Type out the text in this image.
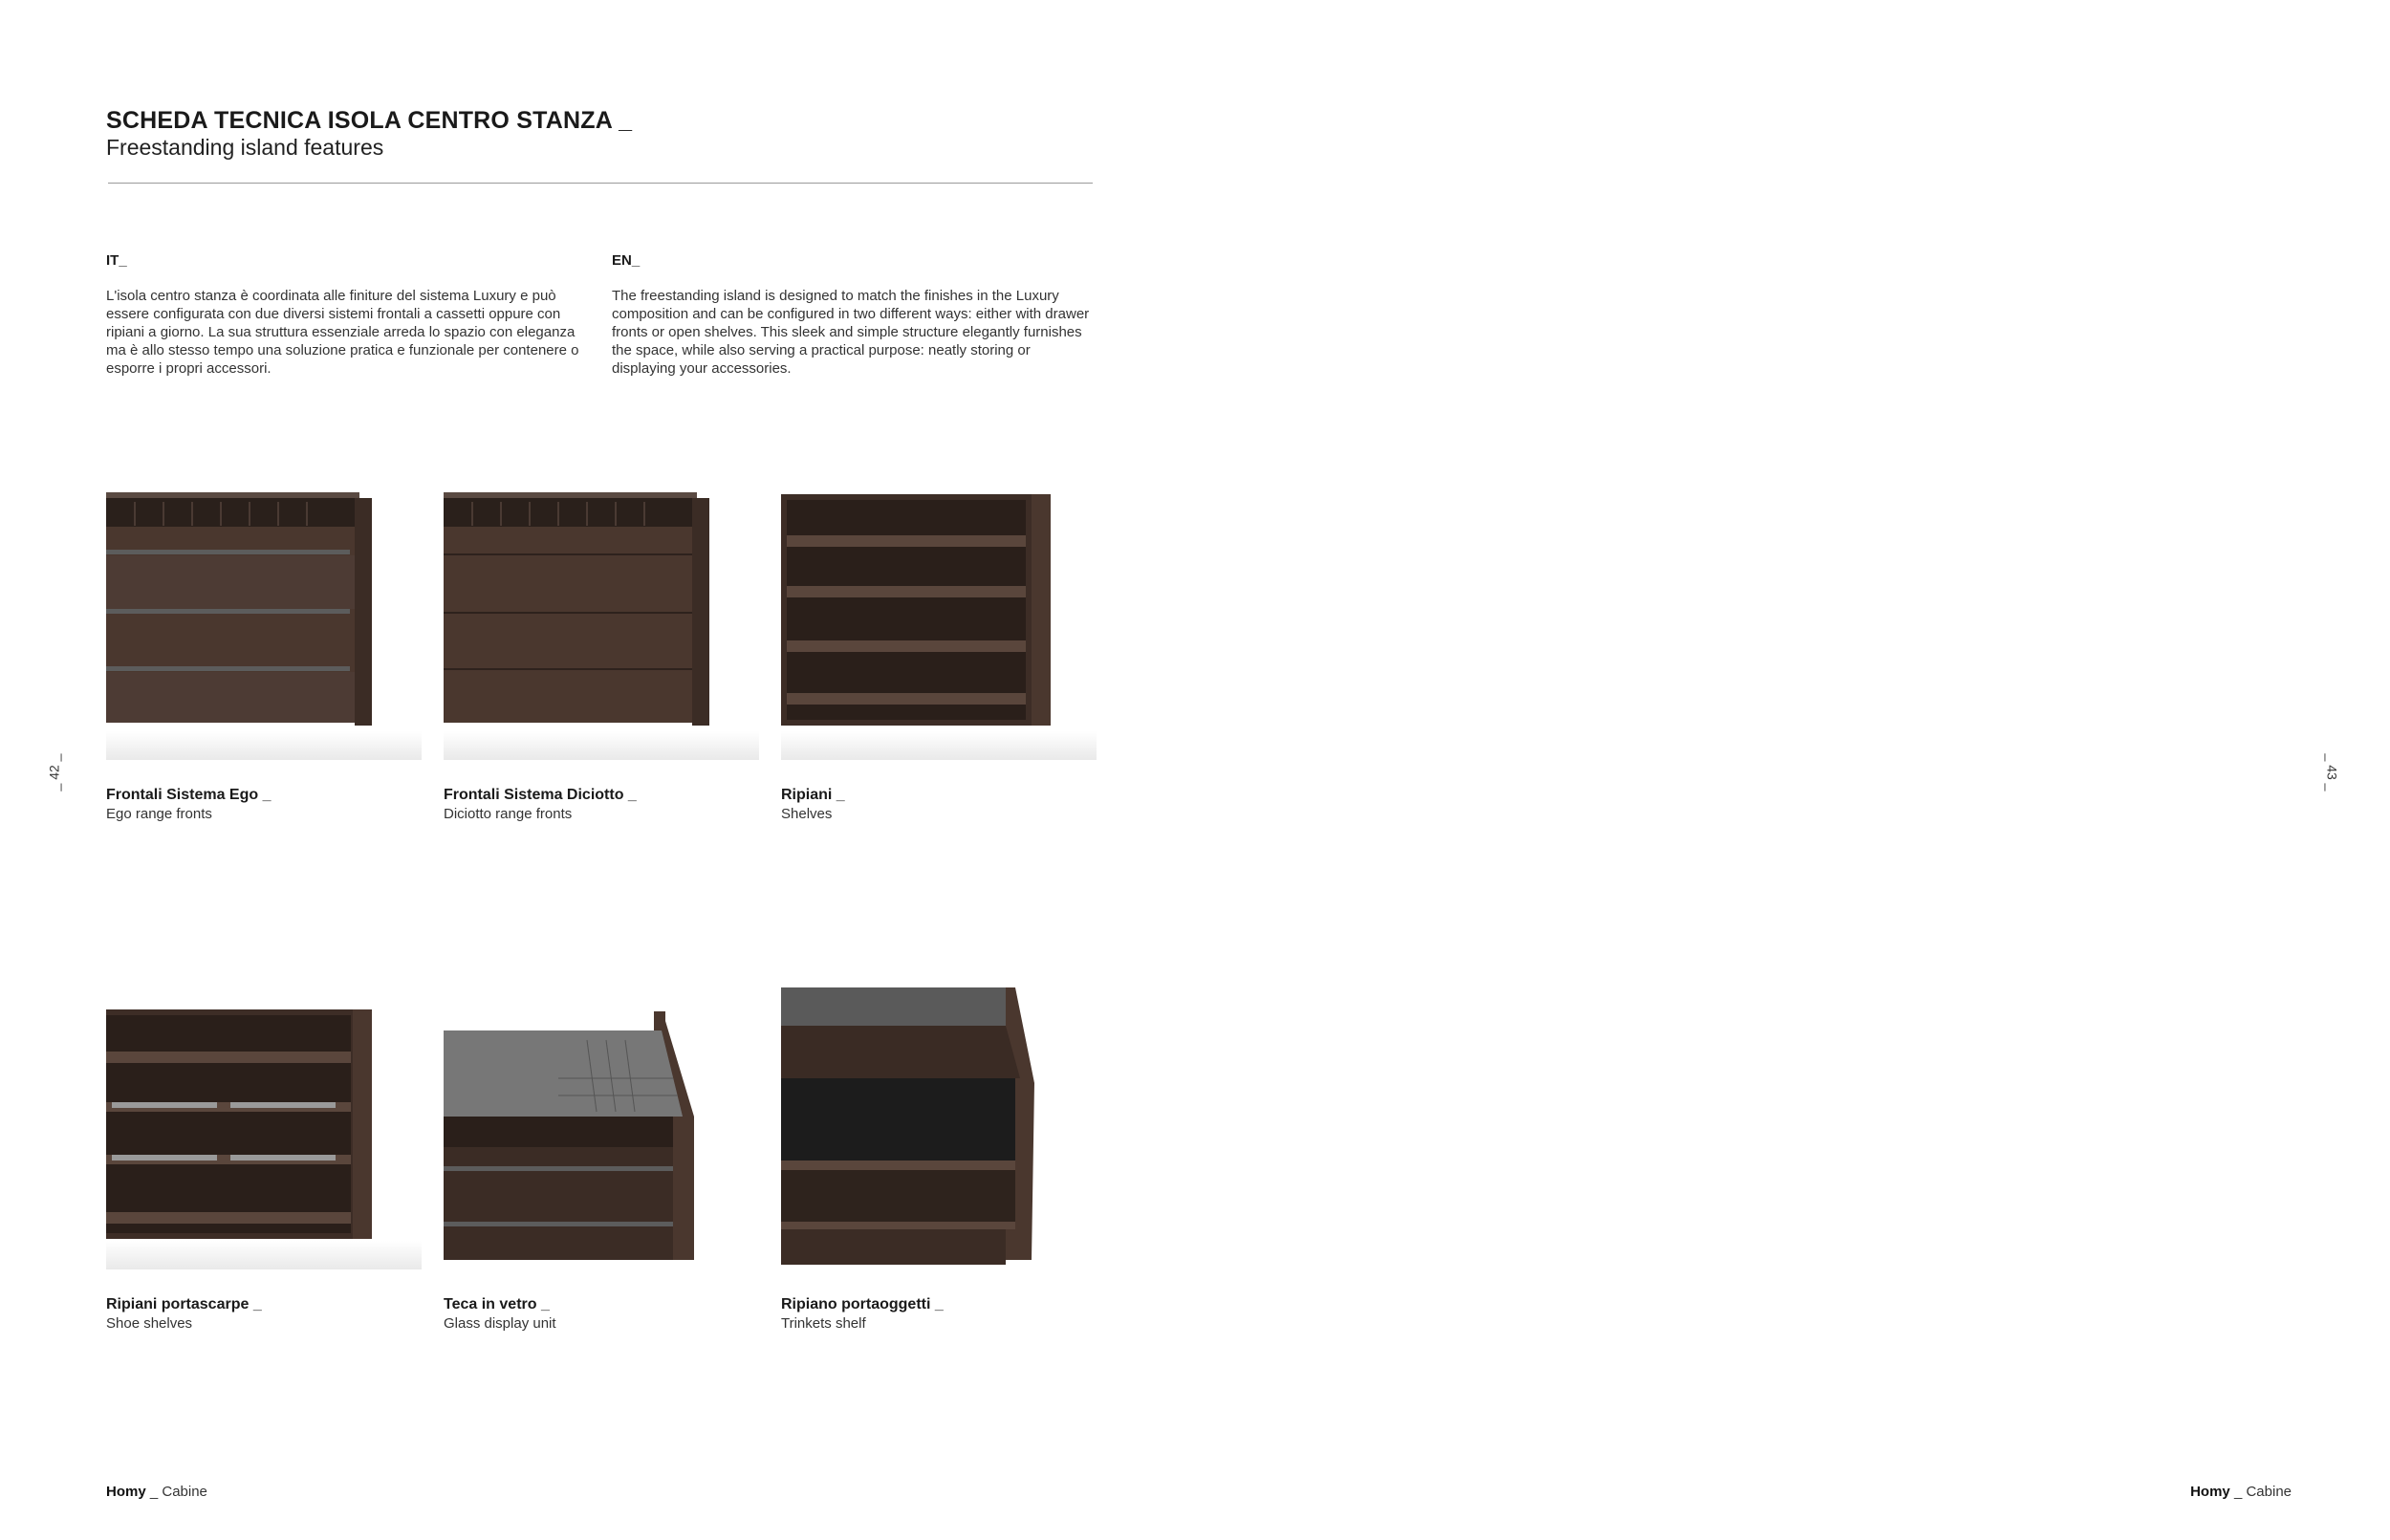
SCHEDA TECNICA ISOLA CENTRO STANZA _
Freestanding island features
IT_
L'isola centro stanza è coordinata alle finiture del sistema Luxury e può essere configurata con due diversi sistemi frontali a cassetti oppure con ripiani a giorno. La sua struttura essenziale arreda lo spazio con eleganza ma è allo stesso tempo una soluzione pratica e funzionale per contenere o esporre i propri accessori.
EN_
The freestanding island is designed to match the finishes in the Luxury composition and can be configured in two different ways: either with drawer fronts or open shelves. This sleek and simple structure elegantly furnishes the space, while also serving a practical purpose: neatly storing or displaying your accessories.
Frontali Sistema Ego _
Ego range fronts
Frontali Sistema Diciotto _
Diciotto range fronts
Ripiani _
Shelves
Ripiani portascarpe _
Shoe shelves
Teca in vetro _
Glass display unit
Ripiano portaoggetti _
Trinkets shelf
_ 42 _	_ 43 _
Homy _ Cabine	Homy _ Cabine
